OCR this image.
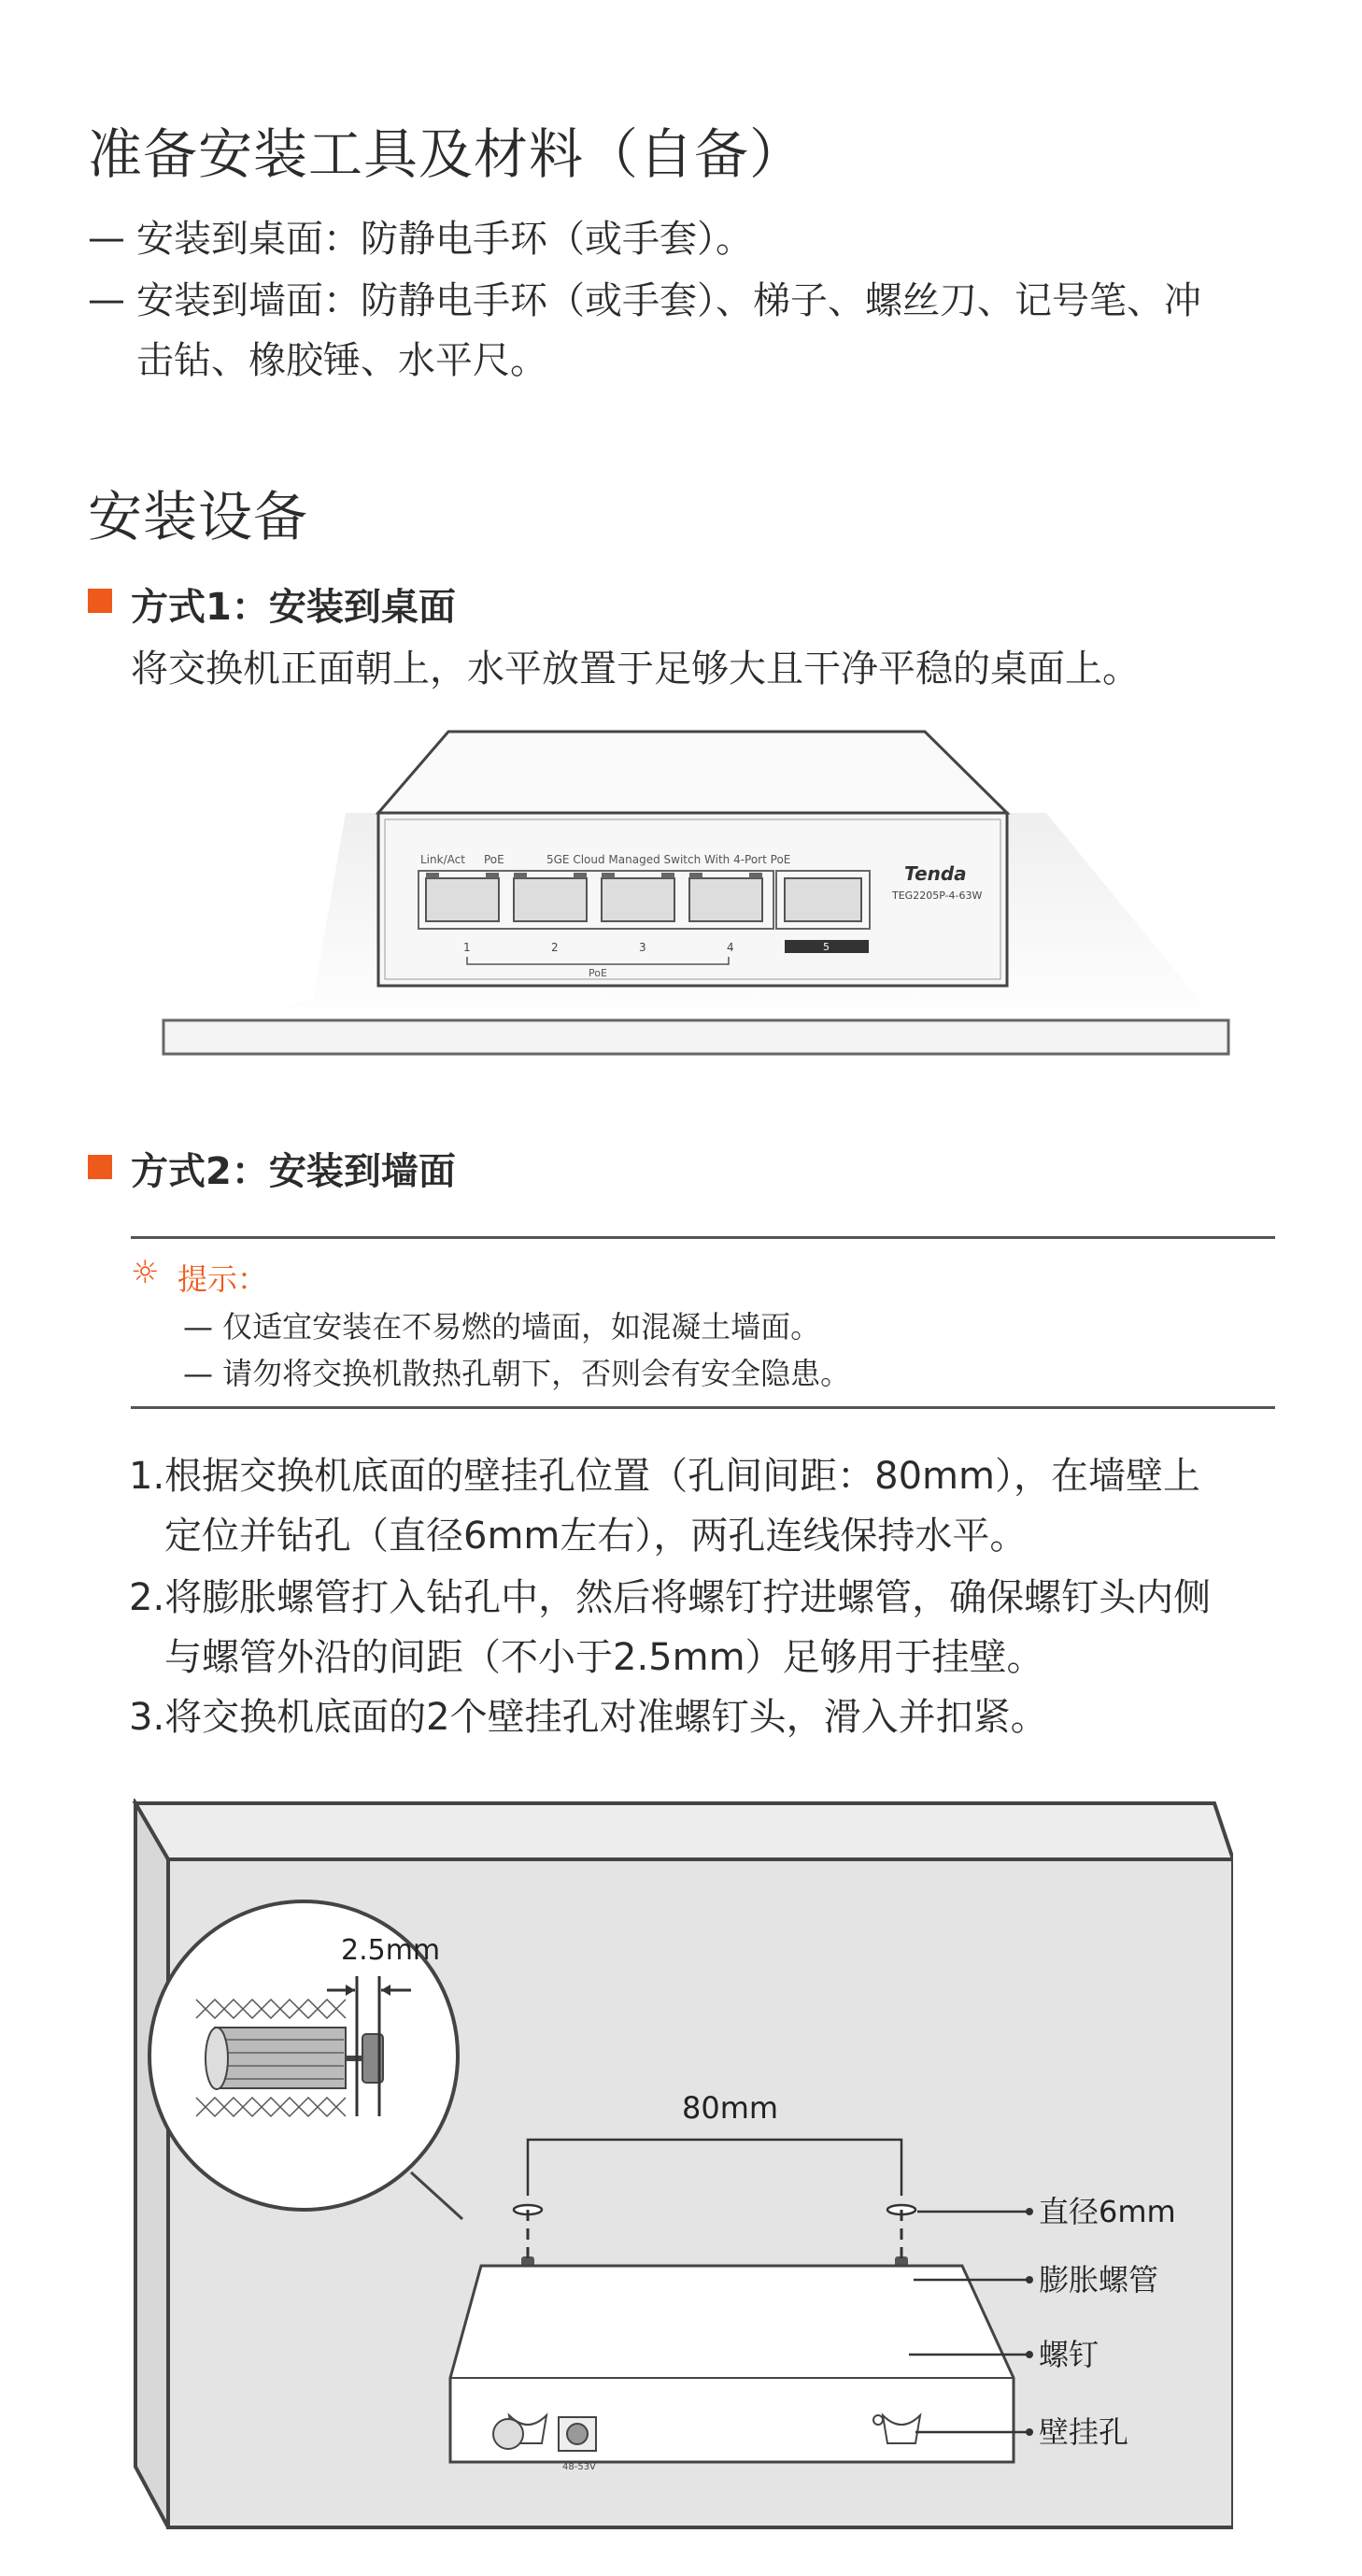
准备安装工具及材料（自备）
— 安装到桌面：防静电手环（或手套）。
— 安装到墙面：防静电手环（或手套）、梯子、螺丝刀、记号笔、冲
击钻、橡胶锤、水平尺。
安装设备
方式1：安装到桌面
将交换机正面朝上，水平放置于足够大且干净平稳的桌面上。
Link/Act PoE	5GE Cloud Managed Switch With 4-Port PoE
Tenda
TEG2205P-4-63W
1	2	3	4	5
PoE
方式2：安装到墙面
☼ 提示：
— 仅适宜安装在不易燃的墙面，如混凝土墙面。
— 请勿将交换机散热孔朝下，否则会有安全隐患。
1.根据交换机底面的壁挂孔位置（孔间间距：80mm），在墙壁上
定位并钻孔（直径6mm左右），两孔连线保持水平。
2.将膨胀螺管打入钻孔中，然后将螺钉拧进螺管，确保螺钉头内侧
与螺管外沿的间距（不小于2.5mm）足够用于挂壁。
3.将交换机底面的2个壁挂孔对准螺钉头，滑入并扣紧。
2.5mm
80mm
48-53V
直径6mm
膨胀螺管
螺钉
壁挂孔
